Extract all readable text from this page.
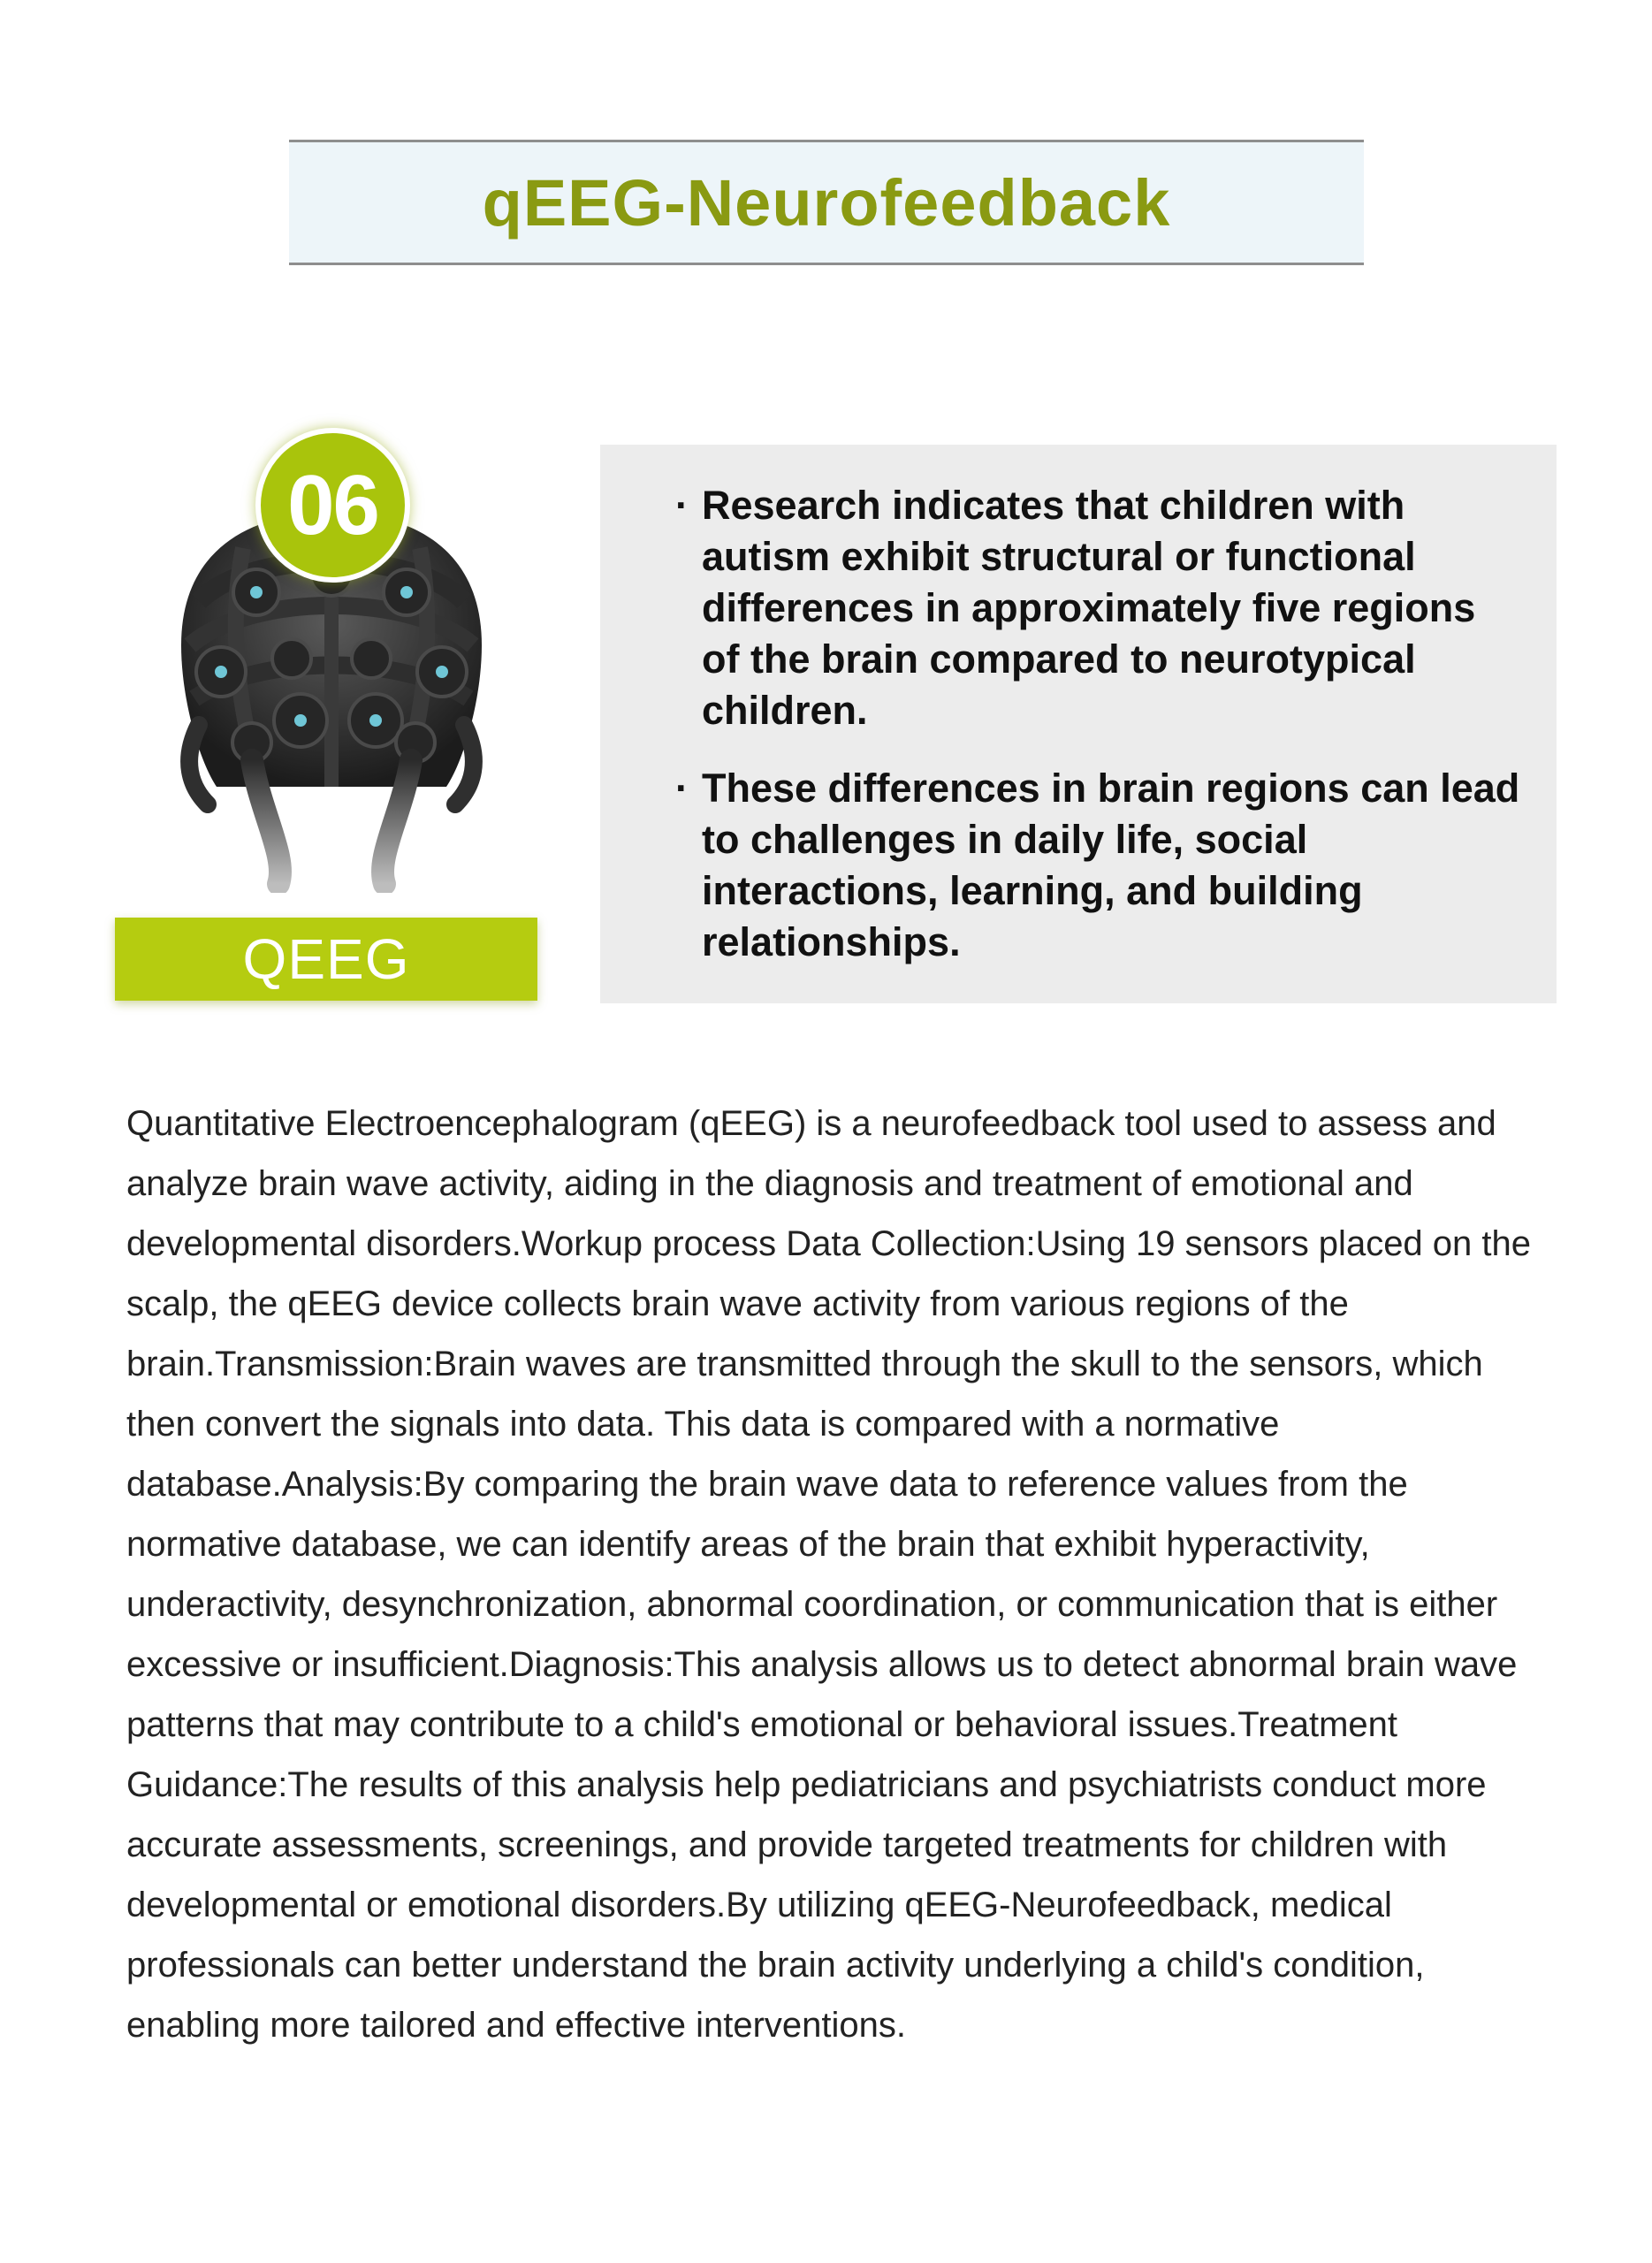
qEEG-Neurofeedback
06
QEEG
· Research indicates that children with autism exhibit structural or functional differences in approximately five regions of the brain compared to neurotypical children.
· These differences in brain regions can lead to challenges in daily life, social interactions, learning, and building relationships.

Quantitative Electroencephalogram (qEEG) is a neurofeedback tool used to assess and analyze brain wave activity, aiding in the diagnosis and treatment of emotional and developmental disorders.Workup process Data Collection:Using 19 sensors placed on the scalp, the qEEG device collects brain wave activity from various regions of the brain.Transmission:Brain waves are transmitted through the skull to the sensors, which then convert the signals into data. This data is compared with a normative database.Analysis:By comparing the brain wave data to reference values from the normative database, we can identify areas of the brain that exhibit hyperactivity, underactivity, desynchronization, abnormal coordination, or communication that is either excessive or insufficient.Diagnosis:This analysis allows us to detect abnormal brain wave patterns that may contribute to a child's emotional or behavioral issues.Treatment Guidance:The results of this analysis help pediatricians and psychiatrists conduct more accurate assessments, screenings, and provide targeted treatments for children with developmental or emotional disorders.By utilizing qEEG-Neurofeedback, medical professionals can better understand the brain activity underlying a child's condition, enabling more tailored and effective interventions.
